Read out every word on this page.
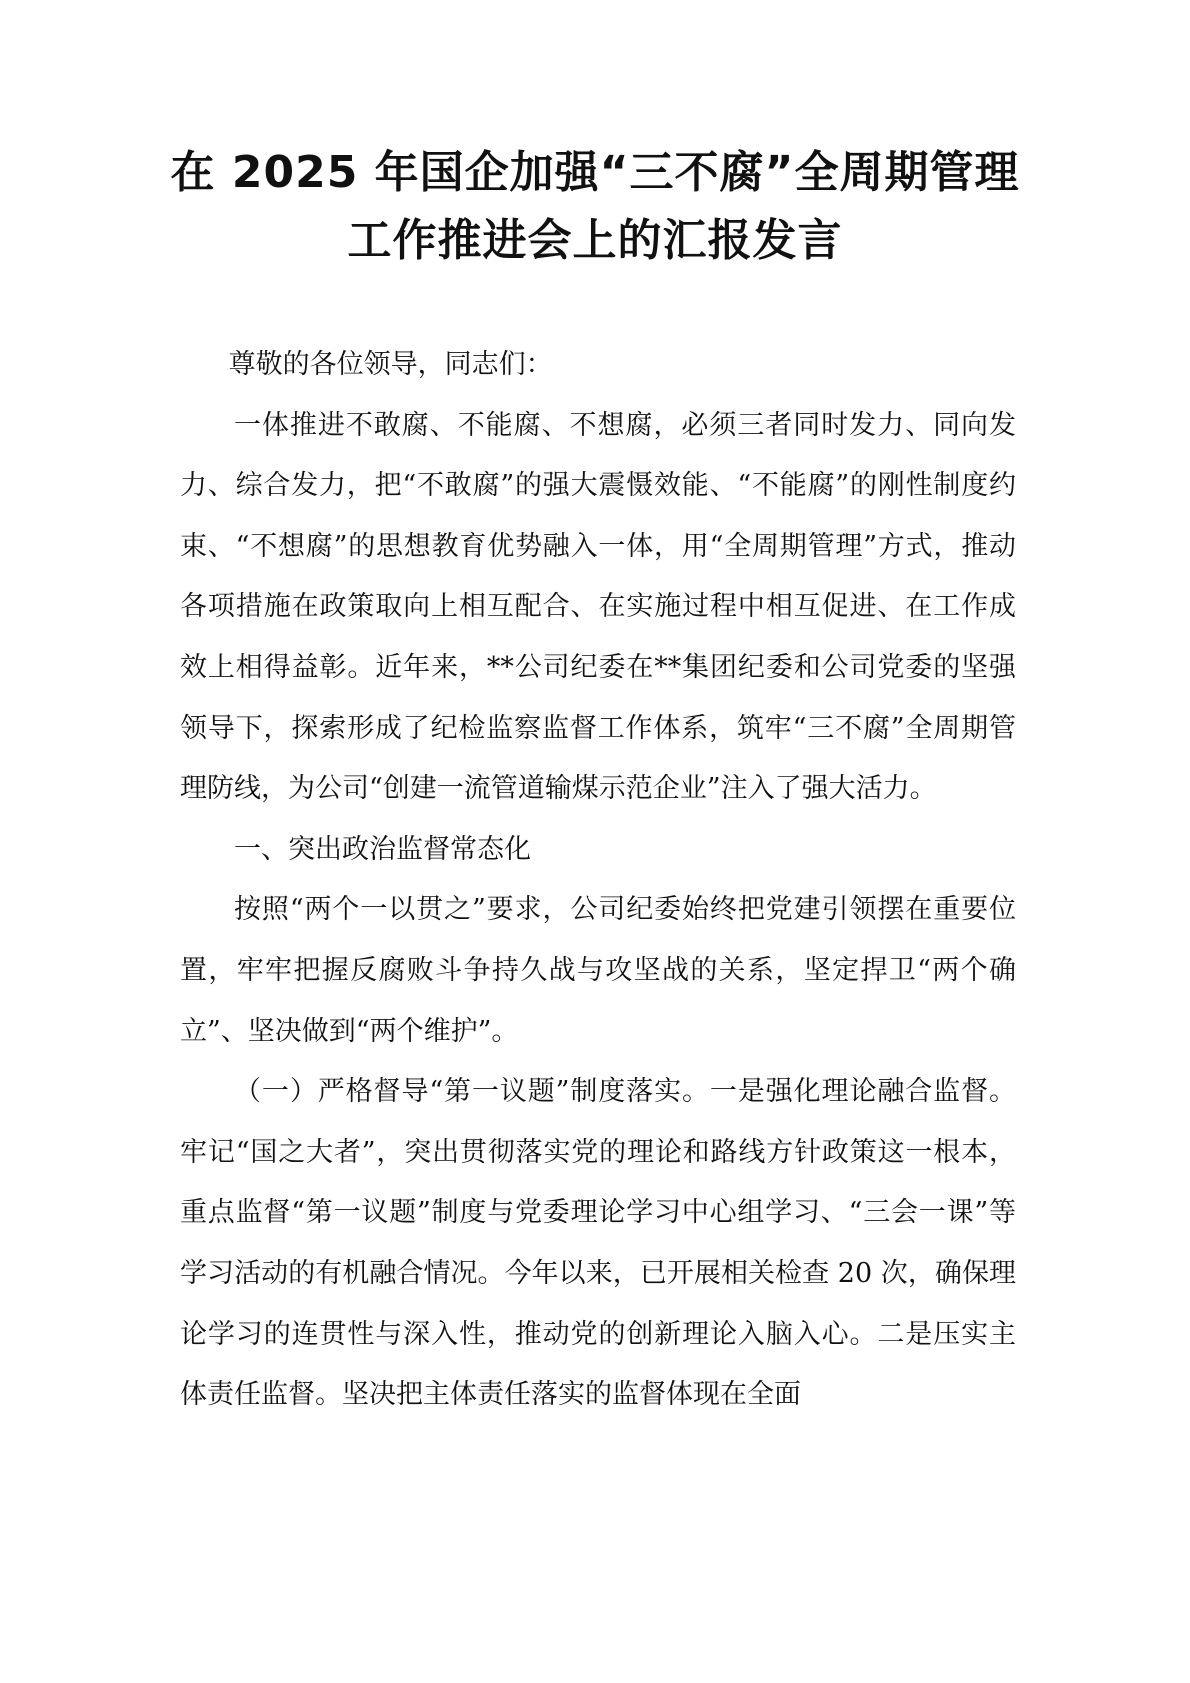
在 2025 年国企加强“三不腐”全周期管理
工作推进会上的汇报发言

尊敬的各位领导，同志们：

一体推进不敢腐、不能腐、不想腐，必须三者同时发力、同向发力、综合发力，把“不敢腐”的强大震慑效能、“不能腐”的刚性制度约束、“不想腐”的思想教育优势融入一体，用“全周期管理”方式，推动各项措施在政策取向上相互配合、在实施过程中相互促进、在工作成效上相得益彰。近年来，**公司纪委在**集团纪委和公司党委的坚强领导下，探索形成了纪检监察监督工作体系，筑牢“三不腐”全周期管理防线，为公司“创建一流管道输煤示范企业”注入了强大活力。

一、突出政治监督常态化

按照“两个一以贯之”要求，公司纪委始终把党建引领摆在重要位置，牢牢把握反腐败斗争持久战与攻坚战的关系，坚定捍卫“两个确立”、坚决做到“两个维护”。

（一）严格督导“第一议题”制度落实。一是强化理论融合监督。牢记“国之大者”，突出贯彻落实党的理论和路线方针政策这一根本，重点监督“第一议题”制度与党委理论学习中心组学习、“三会一课”等学习活动的有机融合情况。今年以来，已开展相关检查 20 次，确保理论学习的连贯性与深入性，推动党的创新理论入脑入心。二是压实主体责任监督。坚决把主体责任落实的监督体现在全面
